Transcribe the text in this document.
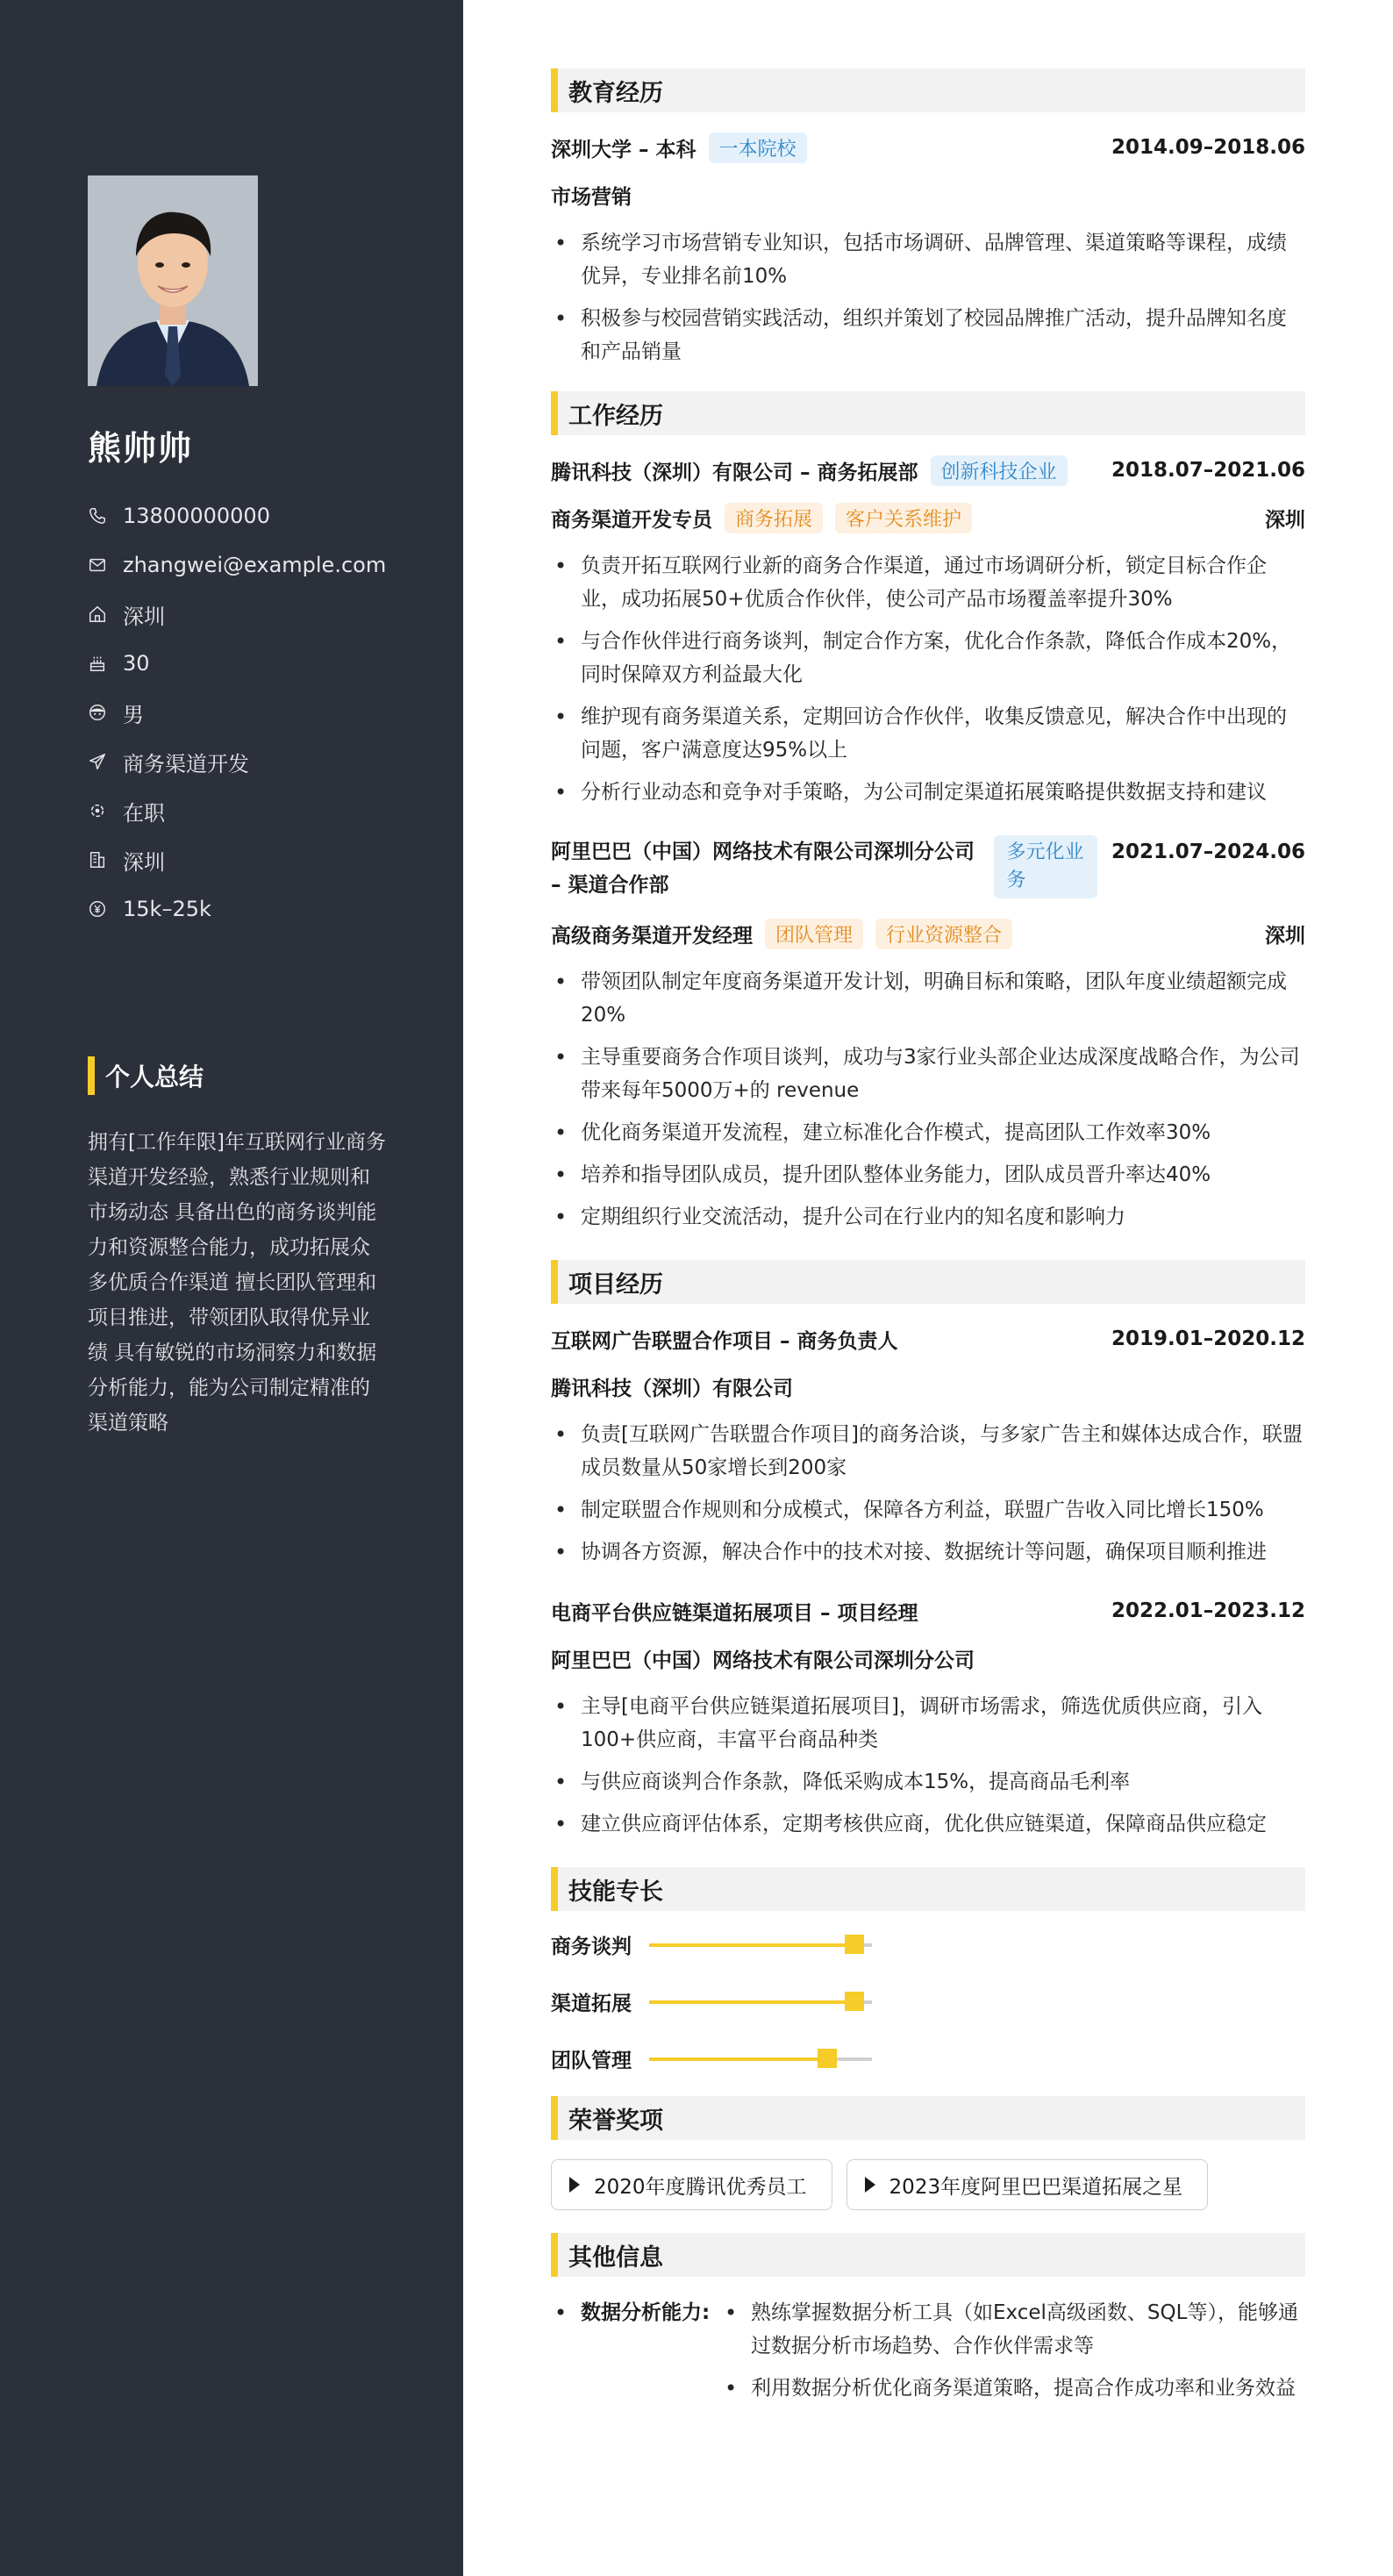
熊帅帅
13800000000
zhangwei@example.com
深圳
30
男
商务渠道开发
在职
深圳
15k–25k
个人总结
拥有[工作年限]年互联网行业商务渠道开发经验，熟悉行业规则和市场动态 具备出色的商务谈判能力和资源整合能力，成功拓展众多优质合作渠道 擅长团队管理和项目推进，带领团队取得优异业绩 具有敏锐的市场洞察力和数据分析能力，能为公司制定精准的渠道策略
教育经历
深圳大学 – 本科	一本院校	2014.09–2018.06
市场营销
• 系统学习市场营销专业知识，包括市场调研、品牌管理、渠道策略等课程，成绩优异，专业排名前10%
• 积极参与校园营销实践活动，组织并策划了校园品牌推广活动，提升品牌知名度和产品销量
工作经历
腾讯科技（深圳）有限公司 – 商务拓展部	创新科技企业	2018.07–2021.06
商务渠道开发专员	商务拓展	客户关系维护	深圳
• 负责开拓互联网行业新的商务合作渠道，通过市场调研分析，锁定目标合作企业，成功拓展50+优质合作伙伴，使公司产品市场覆盖率提升30%
• 与合作伙伴进行商务谈判，制定合作方案，优化合作条款，降低合作成本20%，同时保障双方利益最大化
• 维护现有商务渠道关系，定期回访合作伙伴，收集反馈意见，解决合作中出现的问题，客户满意度达95%以上
• 分析行业动态和竞争对手策略，为公司制定渠道拓展策略提供数据支持和建议
阿里巴巴（中国）网络技术有限公司深圳分公司 – 渠道合作部
多元化业务
2021.07–2024.06
高级商务渠道开发经理	团队管理	行业资源整合	深圳
• 带领团队制定年度商务渠道开发计划，明确目标和策略，团队年度业绩超额完成20%
• 主导重要商务合作项目谈判，成功与3家行业头部企业达成深度战略合作，为公司带来每年5000万+的 revenue
• 优化商务渠道开发流程，建立标准化合作模式，提高团队工作效率30%
• 培养和指导团队成员，提升团队整体业务能力，团队成员晋升率达40%
• 定期组织行业交流活动，提升公司在行业内的知名度和影响力
项目经历
互联网广告联盟合作项目 – 商务负责人	2019.01–2020.12
腾讯科技（深圳）有限公司
• 负责[互联网广告联盟合作项目]的商务洽谈，与多家广告主和媒体达成合作，联盟成员数量从50家增长到200家
• 制定联盟合作规则和分成模式，保障各方利益，联盟广告收入同比增长150%
• 协调各方资源，解决合作中的技术对接、数据统计等问题，确保项目顺利推进
电商平台供应链渠道拓展项目 – 项目经理	2022.01–2023.12
阿里巴巴（中国）网络技术有限公司深圳分公司
• 主导[电商平台供应链渠道拓展项目]，调研市场需求，筛选优质供应商，引入100+供应商，丰富平台商品种类
• 与供应商谈判合作条款，降低采购成本15%，提高商品毛利率
• 建立供应商评估体系，定期考核供应商，优化供应链渠道，保障商品供应稳定
技能专长
商务谈判
渠道拓展
团队管理
荣誉奖项
2020年度腾讯优秀员工	2023年度阿里巴巴渠道拓展之星
其他信息
• 数据分析能力:
•	熟练掌握数据分析工具（如Excel高级函数、SQL等），能够通过数据分析市场趋势、合作伙伴需求等
• 利用数据分析优化商务渠道策略，提高合作成功率和业务效益
